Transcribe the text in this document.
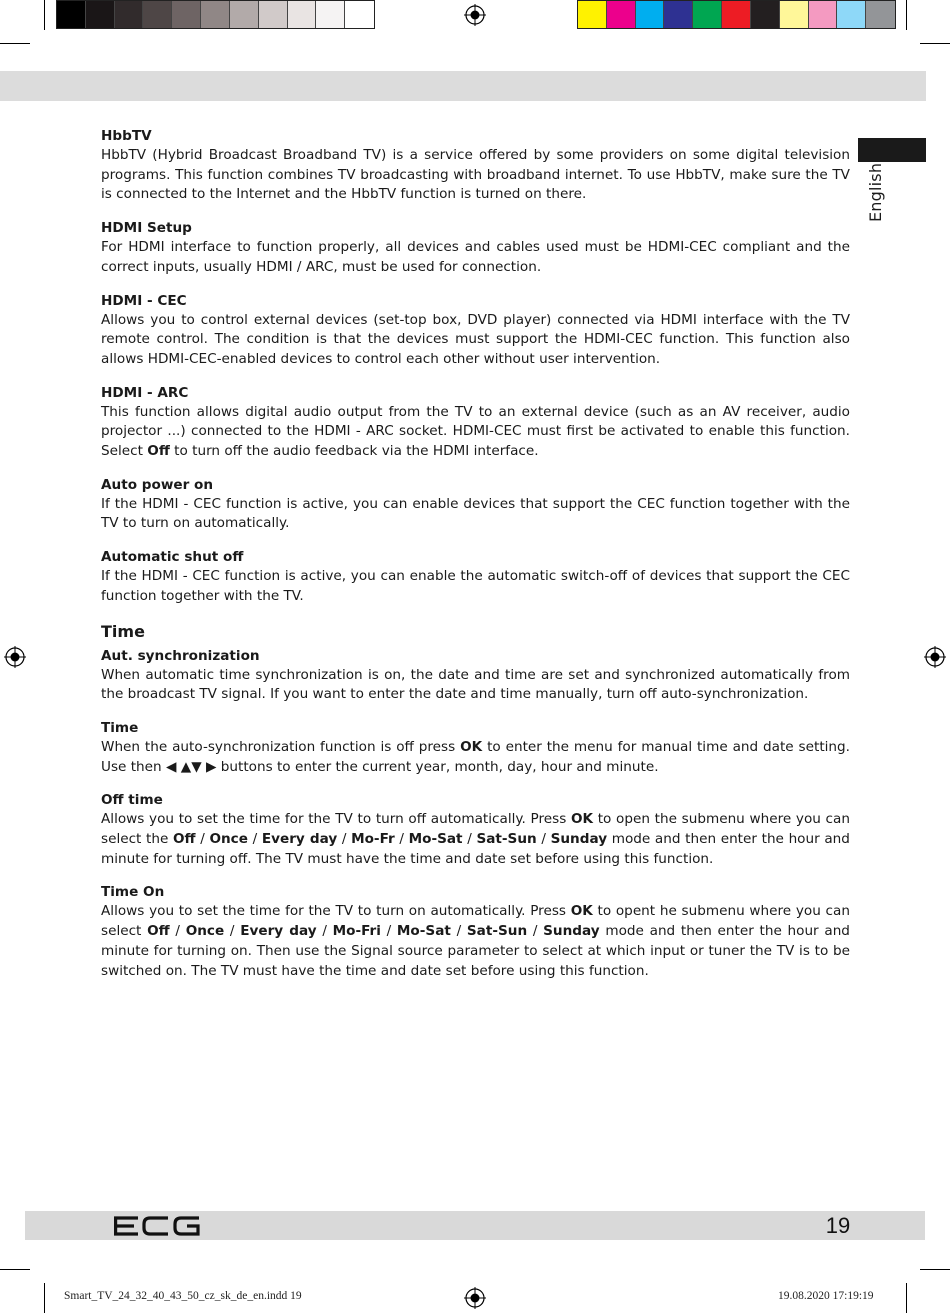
English
HbbTV

HbbTV (Hybrid Broadcast Broadband TV) is a service offered by some providers on some digital television programs. This function combines TV broadcasting with broadband internet. To use HbbTV, make sure the TV is connected to the Internet and the HbbTV function is turned on there.

HDMI Setup

For HDMI interface to function properly, all devices and cables used must be HDMI-CEC compliant and the correct inputs, usually HDMI / ARC, must be used for connection.

HDMI - CEC

Allows you to control external devices (set-top box, DVD player) connected via HDMI interface with the TV remote control. The condition is that the devices must support the HDMI-CEC function. This function also allows HDMI-CEC-enabled devices to control each other without user intervention.

HDMI - ARC

This function allows digital audio output from the TV to an external device (such as an AV receiver, audio projector ...) connected to the HDMI - ARC socket. HDMI-CEC must first be activated to enable this function. Select Off to turn off the audio feedback via the HDMI interface.

Auto power on

If the HDMI - CEC function is active, you can enable devices that support the CEC function together with the TV to turn on automatically.

Automatic shut off

If the HDMI - CEC function is active, you can enable the automatic switch-off of devices that support the CEC function together with the TV.

Time
Aut. synchronization

When automatic time synchronization is on, the date and time are set and synchronized automatically from the broadcast TV signal. If you want to enter the date and time manually, turn off auto-synchronization.

Time

When the auto-synchronization function is off press OK to enter the menu for manual time and date setting. Use then ◀ ▲▼ ▶ buttons to enter the current year, month, day, hour and minute.

Off time

Allows you to set the time for the TV to turn off automatically. Press OK to open the submenu where you can select the Off / Once / Every day / Mo-Fr / Mo-Sat / Sat-Sun / Sunday mode and then enter the hour and minute for turning off. The TV must have the time and date set before using this function.

Time On

Allows you to set the time for the TV to turn on automatically. Press OK to opent he submenu where you can select Off / Once / Every day / Mo-Fri / Mo-Sat / Sat-Sun / Sunday mode and then enter the hour and minute for turning on. Then use the Signal source parameter to select at which input or tuner the TV is to be switched on. The TV must have the time and date set before using this function.

19
Smart_TV_24_32_40_43_50_cz_sk_de_en.indd 19	19.08.2020 17:19:19
